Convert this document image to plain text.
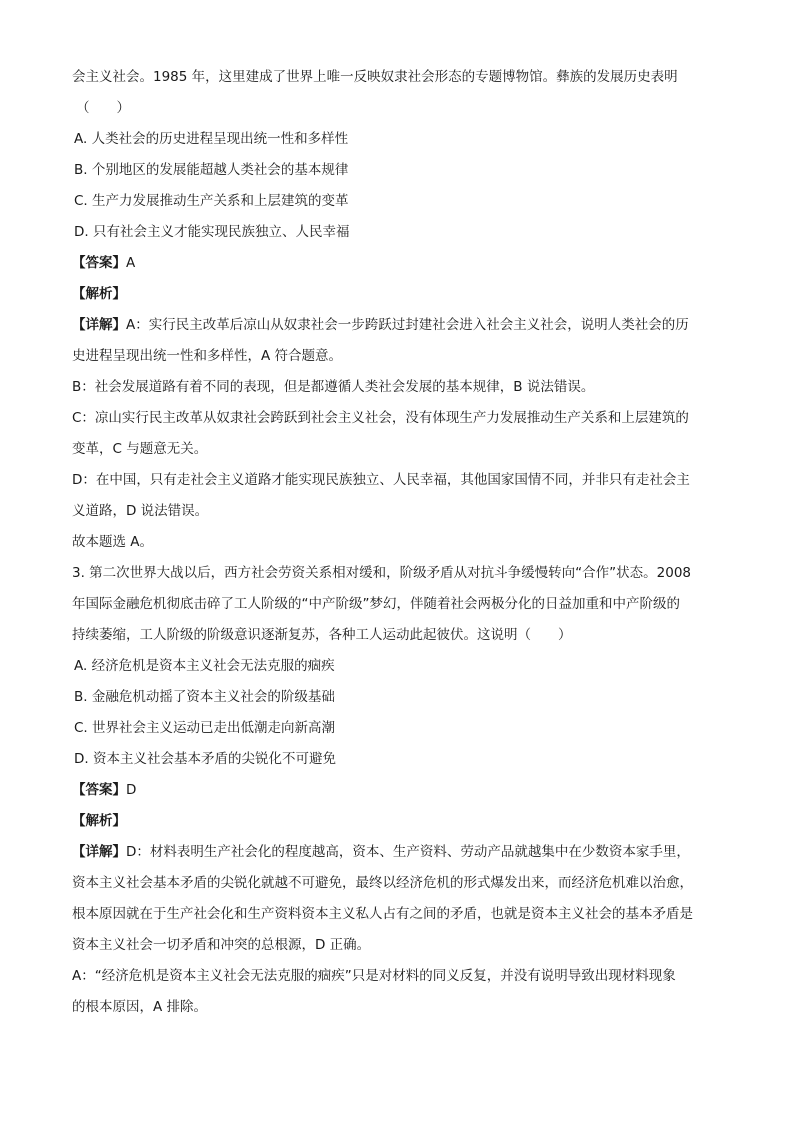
会主义社会。1985 年，这里建成了世界上唯一反映奴隶社会形态的专题博物馆。彝族的发展历史表明
（　　）
A. 人类社会的历史进程呈现出统一性和多样性
B. 个别地区的发展能超越人类社会的基本规律
C. 生产力发展推动生产关系和上层建筑的变革
D. 只有社会主义才能实现民族独立、人民幸福
【答案】A
【解析】
【详解】A：实行民主改革后凉山从奴隶社会一步跨跃过封建社会进入社会主义社会，说明人类社会的历
史进程呈现出统一性和多样性，A 符合题意。
B：社会发展道路有着不同的表现，但是都遵循人类社会发展的基本规律，B 说法错误。
C：凉山实行民主改革从奴隶社会跨跃到社会主义社会，没有体现生产力发展推动生产关系和上层建筑的
变革，C 与题意无关。
D：在中国，只有走社会主义道路才能实现民族独立、人民幸福，其他国家国情不同，并非只有走社会主
义道路，D 说法错误。
故本题选 A。
3. 第二次世界大战以后，西方社会劳资关系相对缓和，阶级矛盾从对抗斗争缓慢转向“合作”状态。2008
年国际金融危机彻底击碎了工人阶级的“中产阶级”梦幻，伴随着社会两极分化的日益加重和中产阶级的
持续萎缩，工人阶级的阶级意识逐渐复苏，各种工人运动此起彼伏。这说明（　　）
A. 经济危机是资本主义社会无法克服的痼疾
B. 金融危机动摇了资本主义社会的阶级基础
C. 世界社会主义运动已走出低潮走向新高潮
D. 资本主义社会基本矛盾的尖锐化不可避免
【答案】D
【解析】
【详解】D：材料表明生产社会化的程度越高，资本、生产资料、劳动产品就越集中在少数资本家手里，
资本主义社会基本矛盾的尖锐化就越不可避免，最终以经济危机的形式爆发出来，而经济危机难以治愈，
根本原因就在于生产社会化和生产资料资本主义私人占有之间的矛盾，也就是资本主义社会的基本矛盾是
资本主义社会一切矛盾和冲突的总根源，D 正确。
A：“经济危机是资本主义社会无法克服的痼疾”只是对材料的同义反复，并没有说明导致出现材料现象
的根本原因，A 排除。
